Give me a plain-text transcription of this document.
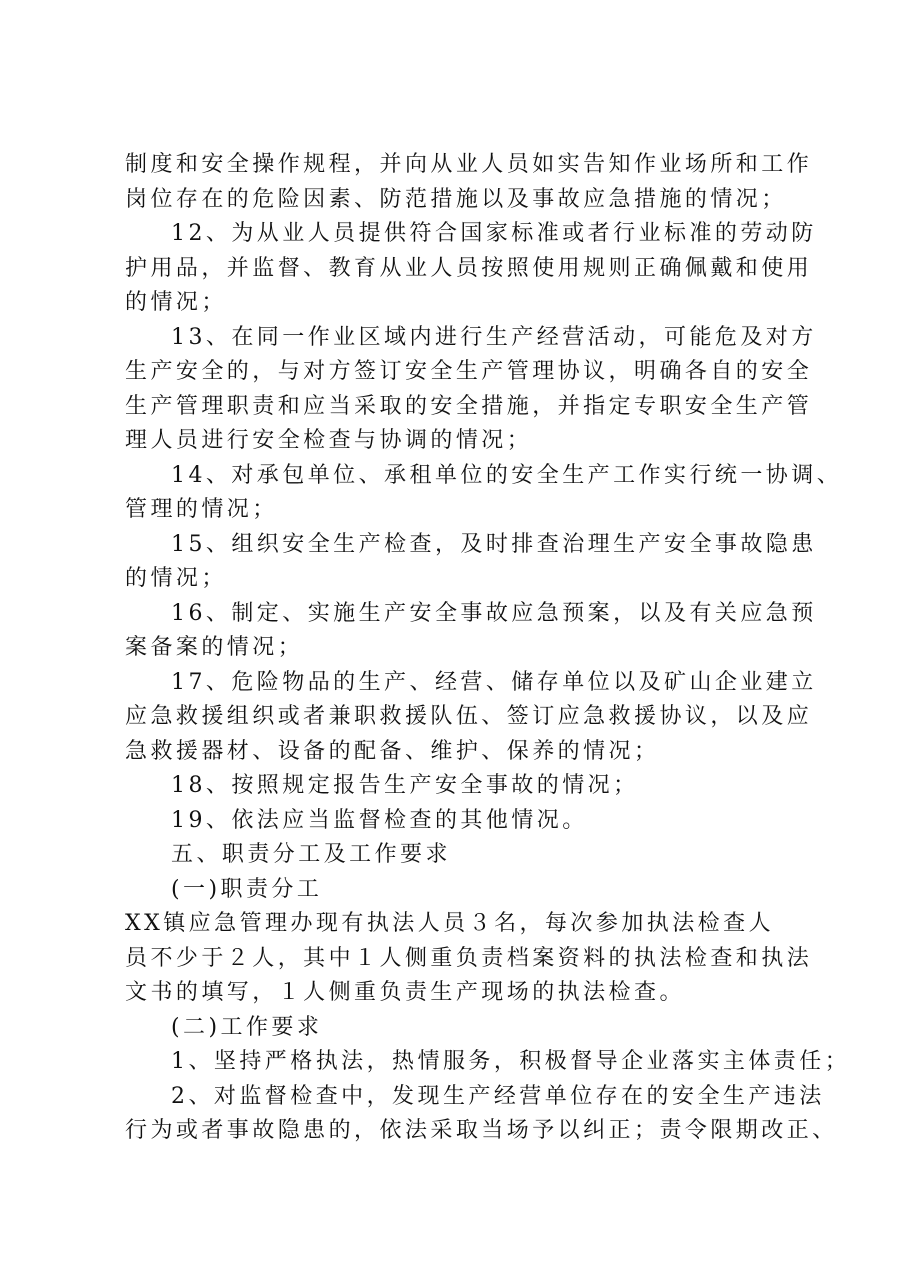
制度和安全操作规程，并向从业人员如实告知作业场所和工作
岗位存在的危险因素、防范措施以及事故应急措施的情况；
12、为从业人员提供符合国家标准或者行业标准的劳动防
护用品，并监督、教育从业人员按照使用规则正确佩戴和使用
的情况；
13、在同一作业区域内进行生产经营活动，可能危及对方
生产安全的，与对方签订安全生产管理协议，明确各自的安全
生产管理职责和应当采取的安全措施，并指定专职安全生产管
理人员进行安全检查与协调的情况；
14、对承包单位、承租单位的安全生产工作实行统一协调、
管理的情况；
15、组织安全生产检查，及时排查治理生产安全事故隐患
的情况；
16、制定、实施生产安全事故应急预案，以及有关应急预
案备案的情况；
17、危险物品的生产、经营、储存单位以及矿山企业建立
应急救援组织或者兼职救援队伍、签订应急救援协议，以及应
急救援器材、设备的配备、维护、保养的情况；
18、按照规定报告生产安全事故的情况；
19、依法应当监督检查的其他情况。
五、职责分工及工作要求
(一)职责分工
XX镇应急管理办现有执法人员３名，每次参加执法检查人
员不少于２人，其中１人侧重负责档案资料的执法检查和执法
文书的填写，１人侧重负责生产现场的执法检查。
(二)工作要求
1、坚持严格执法，热情服务，积极督导企业落实主体责任；
2、对监督检查中，发现生产经营单位存在的安全生产违法
行为或者事故隐患的，依法采取当场予以纠正；责令限期改正、
